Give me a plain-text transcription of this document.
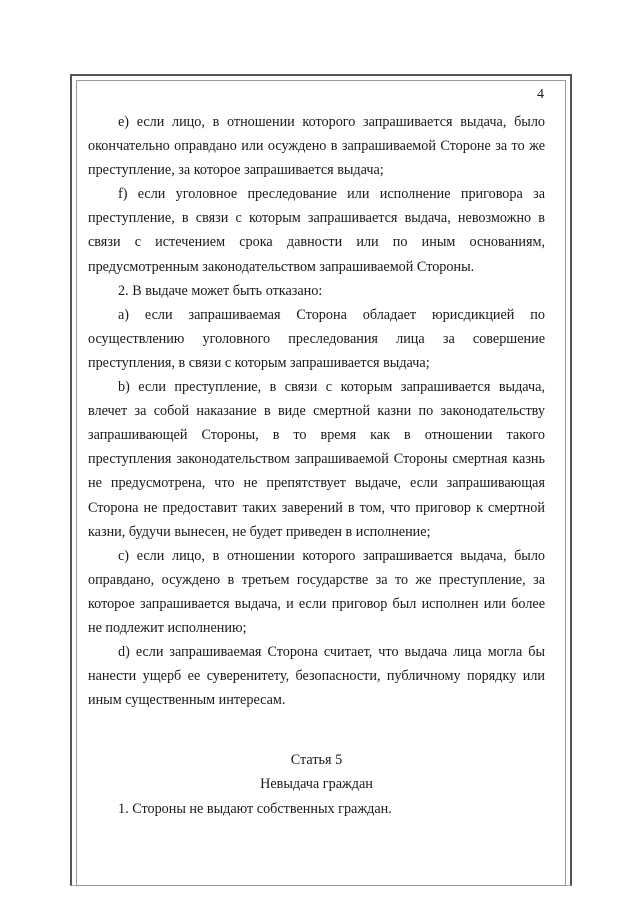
4

е) если лицо, в отношении которого запрашивается выдача, было окончательно оправдано или осуждено в запрашиваемой Стороне за то же преступление, за которое запрашивается выдача;

f) если уголовное преследование или исполнение приговора за преступление, в связи с которым запрашивается выдача, невозможно в связи с истечением срока давности или по иным основаниям, предусмотренным законодательством запрашиваемой Стороны.

2. В выдаче может быть отказано:

а) если запрашиваемая Сторона обладает юрисдикцией по осуществлению уголовного преследования лица за совершение преступления, в связи с которым запрашивается выдача;

b) если преступление, в связи с которым запрашивается выдача, влечет за собой наказание в виде смертной казни по законодательству запрашивающей Стороны, в то время как в отношении такого преступления законодательством запрашиваемой Стороны смертная казнь не предусмотрена, что не препятствует выдаче, если запрашивающая Сторона не предоставит таких заверений в том, что приговор к смертной казни, будучи вынесен, не будет приведен в исполнение;

с) если лицо, в отношении которого запрашивается выдача, было оправдано, осуждено в третьем государстве за то же преступление, за которое запрашивается выдача, и если приговор был исполнен или более не подлежит исполнению;

d) если запрашиваемая Сторона считает, что выдача лица могла бы нанести ущерб ее суверенитету, безопасности, публичному порядку или иным существенным интересам.

Статья 5

Невыдача граждан

1. Стороны не выдают собственных граждан.
